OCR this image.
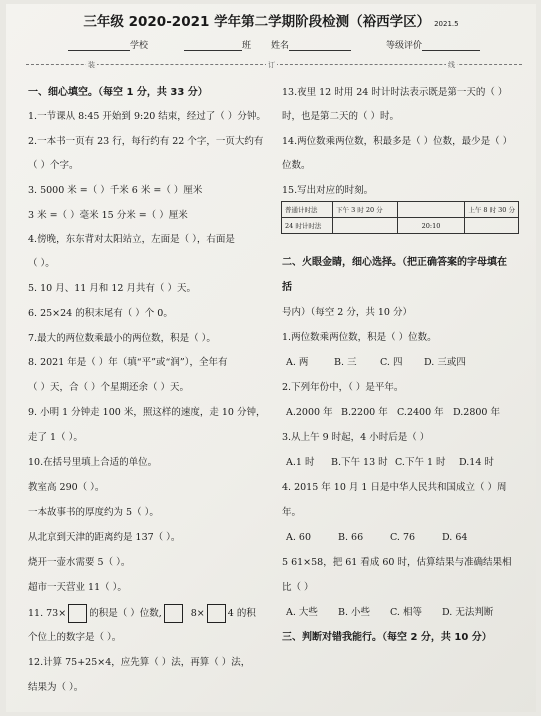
三年级 2020-2021 学年第二学期阶段检测（裕西学区） 2021.5
学校	班 姓名	等级评价
装	订	线
一、细心填空。（每空 1 分，共 33 分）
1.一节课从 8:45 开始到 9:20 结束，经过了（ ）分钟。
2.一本书一页有 23 行，每行约有 22 个字，一页大约有
（ ）个字。
3. 5000 米 =（ ）千米 6 米 =（ ）厘米
3 米 =（ ）毫米 15 分米 =（ ）厘米
4.傍晚，东东背对太阳站立，左面是（ ），右面是
（ ）。
5. 10 月、11 月和 12 月共有（ ）天。
6. 25×24 的积末尾有（ ）个 0。
7.最大的两位数乘最小的两位数，积是（ ）。
8. 2021 年是（ ）年（填“平”或“润”），全年有
（ ）天，合（ ）个星期还余（ ）天。
9. 小明 1 分钟走 100 米，照这样的速度，走 10 分钟，
走了 1（ ）。
10.在括号里填上合适的单位。
教室高 290（ ）。
一本故事书的厚度约为 5（ ）。
从北京到天津的距离约是 137（ ）。
烧开一壶水需要 5（ ）。
超市一天营业 11（ ）。
11. 73× 的积是（ ）位数,	8× 4 的积
个位上的数字是（ ）。
12.计算 75+25×4，应先算（ ）法，再算（ ）法，
结果为（ ）。
13.夜里 12 时用 24 时计时法表示既是第一天的（ ）
时，也是第二天的（ ）时。
14.两位数乘两位数，积最多是（ ）位数，最少是（ ）
位数。
15.写出对应的时刻。
普通计时法	下午 3 时 20 分		上午 8 时 30 分
24 时计时法		20:10	
二、火眼金睛，细心选择。（把正确答案的字母填在
括
号内）（每空 2 分，共 10 分）
1.两位数乘两位数，积是（ ）位数。
A. 两	B. 三 C. 四 D. 三或四
2.下列年份中，（ ）是平年。
A.2000 年 B.2200 年 C.2400 年 D.2800 年
3.从上午 9 时起，4 小时后是（ ）
A.1 时 B.下午 13 时 C.下午 1 时 D.14 时
4. 2015 年 10 月 1 日是中华人民共和国成立（ ）周
年。
A. 60	B. 66	C. 76	D. 64
5 61×58，把 61 看成 60 时，估算结果与准确结果相
比（ ）
A. 大些 B. 小些 C. 相等 D. 无法判断
三、判断对错我能行。（每空 2 分，共 10 分）
